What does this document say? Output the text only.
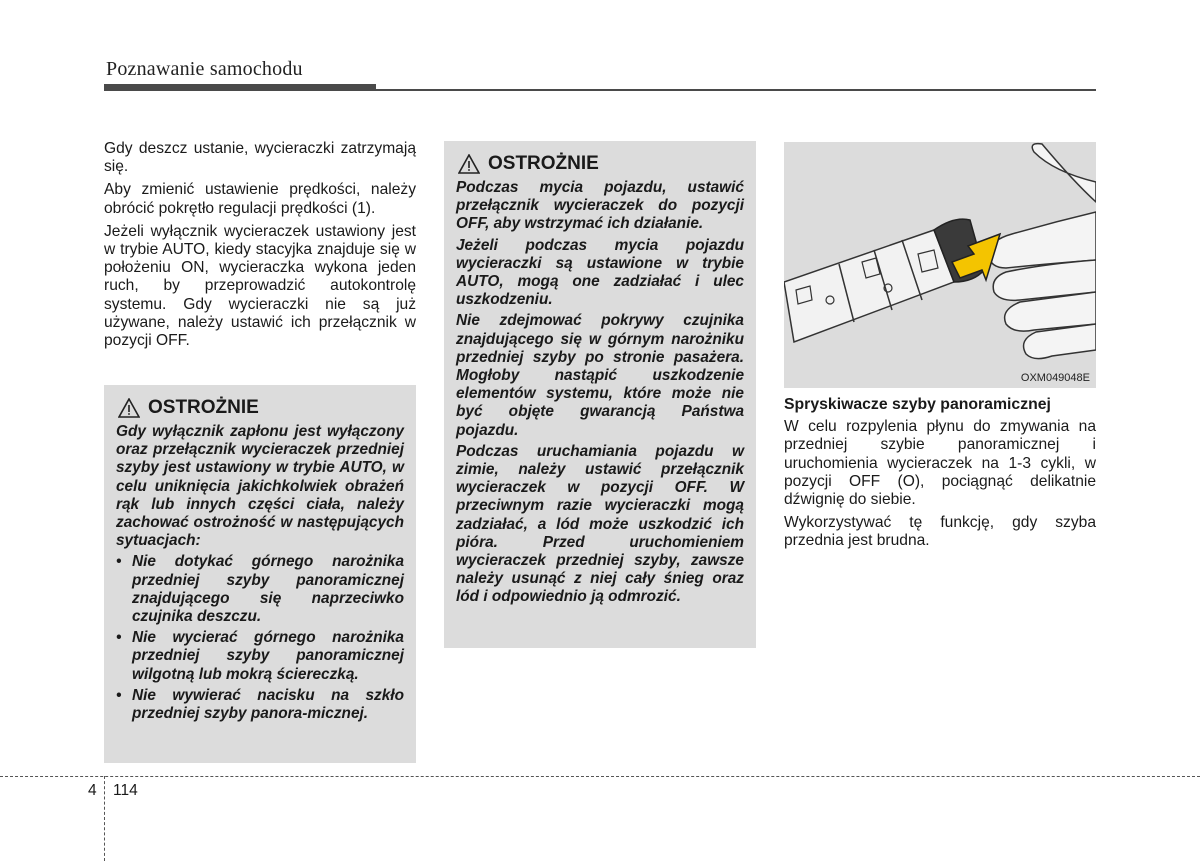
Poznawanie samochodu

Gdy deszcz ustanie, wycieraczki zatrzymają się.

Aby zmienić ustawienie prędkości, należy obrócić pokrętło regulacji prędkości (1).

Jeżeli wyłącznik wycieraczek ustawiony jest w trybie AUTO, kiedy stacyjka znajduje się w położeniu ON, wycieraczka wykona jeden ruch, by przeprowadzić autokontrolę systemu. Gdy wycieraczki nie są już używane, należy ustawić ich przełącznik w pozycji OFF.

OSTROŻNIE

Gdy wyłącznik zapłonu jest wyłączony oraz przełącznik wycieraczek przedniej szyby jest ustawiony w trybie AUTO, w celu uniknięcia jakichkolwiek obrażeń rąk lub innych części ciała, należy zachować ostrożność w następujących sytuacjach:

• Nie dotykać górnego narożnika przedniej szyby panoramicznej znajdującego się naprzeciwko czujnika deszczu.
• Nie wycierać górnego narożnika przedniej szyby panoramicznej wilgotną lub mokrą ściereczką.
• Nie wywierać nacisku na szkło przedniej szyby panora-micznej.
OSTROŻNIE

Podczas mycia pojazdu, ustawić przełącznik wycieraczek do pozycji OFF, aby wstrzymać ich działanie.

Jeżeli podczas mycia pojazdu wycieraczki są ustawione w trybie AUTO, mogą one zadziałać i ulec uszkodzeniu.

Nie zdejmować pokrywy czujnika znajdującego się w górnym narożniku przedniej szyby po stronie pasażera. Mogłoby nastąpić uszkodzenie elementów systemu, które może nie być objęte gwarancją Państwa pojazdu.

Podczas uruchamiania pojazdu w zimie, należy ustawić przełącznik wycieraczek w pozycji OFF. W przeciwnym razie wycieraczki mogą zadziałać, a lód może uszkodzić ich pióra. Przed uruchomieniem wycieraczek przedniej szyby, zawsze należy usunąć z niej cały śnieg oraz lód i odpowiednio ją odmrozić.

OXM049048E

Spryskiwacze szyby panoramicznej

W celu rozpylenia płynu do zmywania na przedniej szybie panoramicznej i uruchomienia wycieraczek na 1-3 cykli, w pozycji OFF (O), pociągnąć delikatnie dźwignię do siebie.

Wykorzystywać tę funkcję, gdy szyba przednia jest brudna.

4 114
